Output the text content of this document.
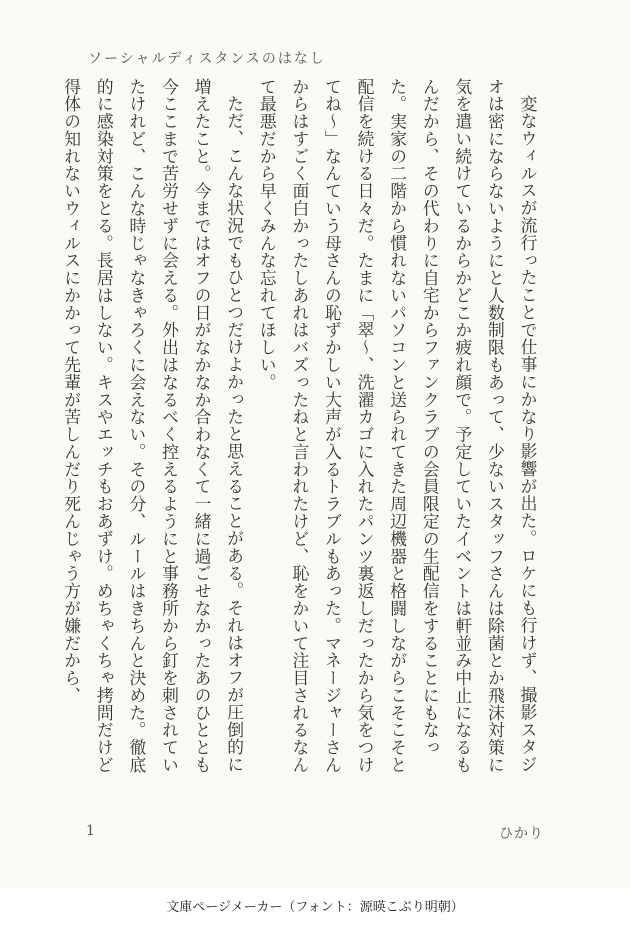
ソーシャルディスタンスのはなし

変なウィルスが流行ったことで仕事にかなり影響が出た。ロケにも行けず、撮影スタジオは密にならないようにと人数制限もあって、少ないスタッフさんは除菌とか飛沫対策に気を遣い続けているからかどこか疲れ顔で。予定していたイベントは軒並み中止になるもんだから、その代わりに自宅からファンクラブの会員限定の生配信をすることにもなった。実家の二階から慣れないパソコンと送られてきた周辺機器と格闘しながらこそこそと配信を続ける日々だ。たまに「翠～、洗濯カゴに入れたパンツ裏返しだったから気をつけてね～」なんていう母さんの恥ずかしい大声が入るトラブルもあった。マネージャーさんからはすごく面白かったしあれはバズったねと言われたけど、恥をかいて注目されるなんて最悪だから早くみんな忘れてほしい。

ただ、こんな状況でもひとつだけよかったと思えることがある。それはオフが圧倒的に増えたこと。今まではオフの日がなかなか合わなくて一緒に過ごせなかったあのひととも今ここまで苦労せずに会える。外出はなるべく控えるようにと事務所から釘を刺されていたけれど、こんな時じゃなきゃろくに会えない。その分、ルールはきちんと決めた。徹底的に感染対策をとる。長居はしない。キスやエッチもおあずけ。めちゃくちゃ拷問だけど得体の知れないウィルスにかかって先輩が苦しんだり死んじゃう方が嫌だから、

1	ひかり
文庫ページメーカー（フォント：源暎こぶり明朝）
